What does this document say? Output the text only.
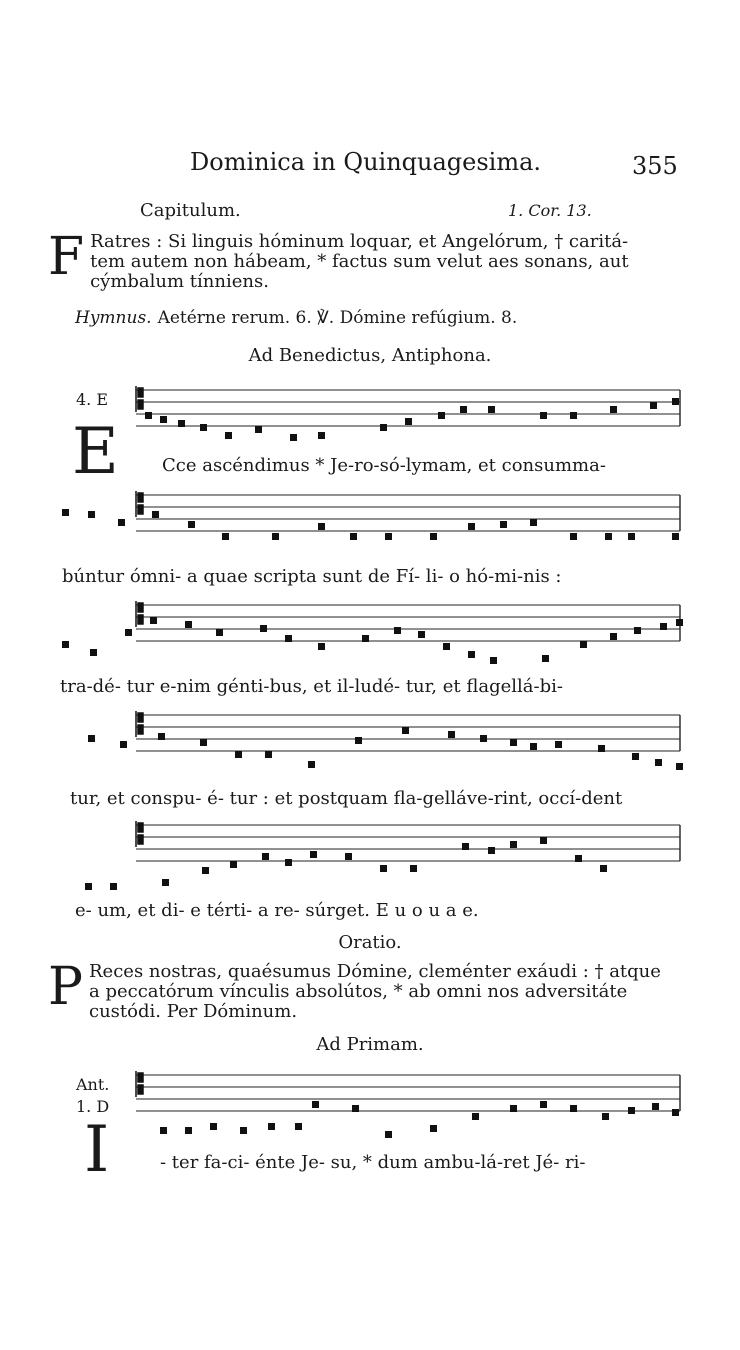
Dominica in Quinquagesima.	355
Capitulum.	1. Cor. 13.
F Ratres : Si linguis hóminum loquar, et Angelórum, † caritá-
tem autem non hábeam, * factus sum velut aes sonans, aut
cýmbalum tínniens.
Hymnus. Aetérne rerum. 6. ℣. Dómine refúgium. 8.
Ad Benedictus, Antiphona.
4. E
E Cce ascéndimus * Je-ro-só-lymam, et consumma-
búntur ómni- a quae scripta sunt de Fí- li- o hó-mi-nis :
tra-dé- tur e-nim génti-bus, et il-ludé- tur, et flagellá-bi-
tur, et conspu- é- tur : et postquam fla-gelláve-rint, occí-dent
e- um, et di- e térti- a re- súrget. E u o u a e.
Oratio.
P Reces nostras, quaésumus Dómine, cleménter exáudi : † atque
a peccatórum vínculis absolútos, * ab omni nos adversitáte
custódi. Per Dóminum.
Ad Primam.
Ant.
1. D
I	- ter fa-ci- énte Je- su, * dum ambu-lá-ret Jé- ri-
